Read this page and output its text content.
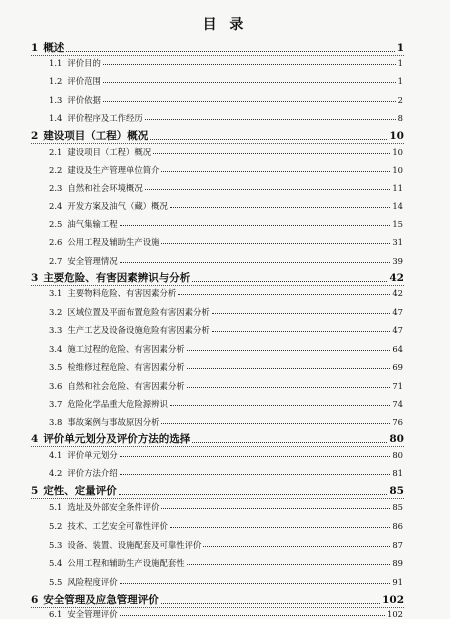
目 录
1 概述	1
1.1 评价目的	1
1.2 评价范围	1
1.3 评价依据	2
1.4 评价程序及工作经历	8
2 建设项目（工程）概况	10
2.1 建设项目（工程）概况	10
2.2 建设及生产管理单位简介	10
2.3 自然和社会环境概况	11
2.4 开发方案及油气（藏）概况	14
2.5 油气集输工程	15
2.6 公用工程及辅助生产设施	31
2.7 安全管理情况	39
3 主要危险、有害因素辨识与分析	42
3.1 主要物料危险、有害因素分析	42
3.2 区域位置及平面布置危险有害因素分析	47
3.3 生产工艺及设备设施危险有害因素分析	47
3.4 施工过程的危险、有害因素分析	64
3.5 检维修过程危险、有害因素分析	69
3.6 自然和社会危险、有害因素分析	71
3.7 危险化学品重大危险源辨识	74
3.8 事故案例与事故原因分析	76
4 评价单元划分及评价方法的选择	80
4.1 评价单元划分	80
4.2 评价方法介绍	81
5 定性、定量评价	85
5.1 选址及外部安全条件评价	85
5.2 技术、工艺安全可靠性评价	86
5.3 设备、装置、设施配套及可靠性评价	87
5.4 公用工程和辅助生产设施配套性	89
5.5 风险程度评价	91
6 安全管理及应急管理评价	102
6.1 安全管理评价	102
